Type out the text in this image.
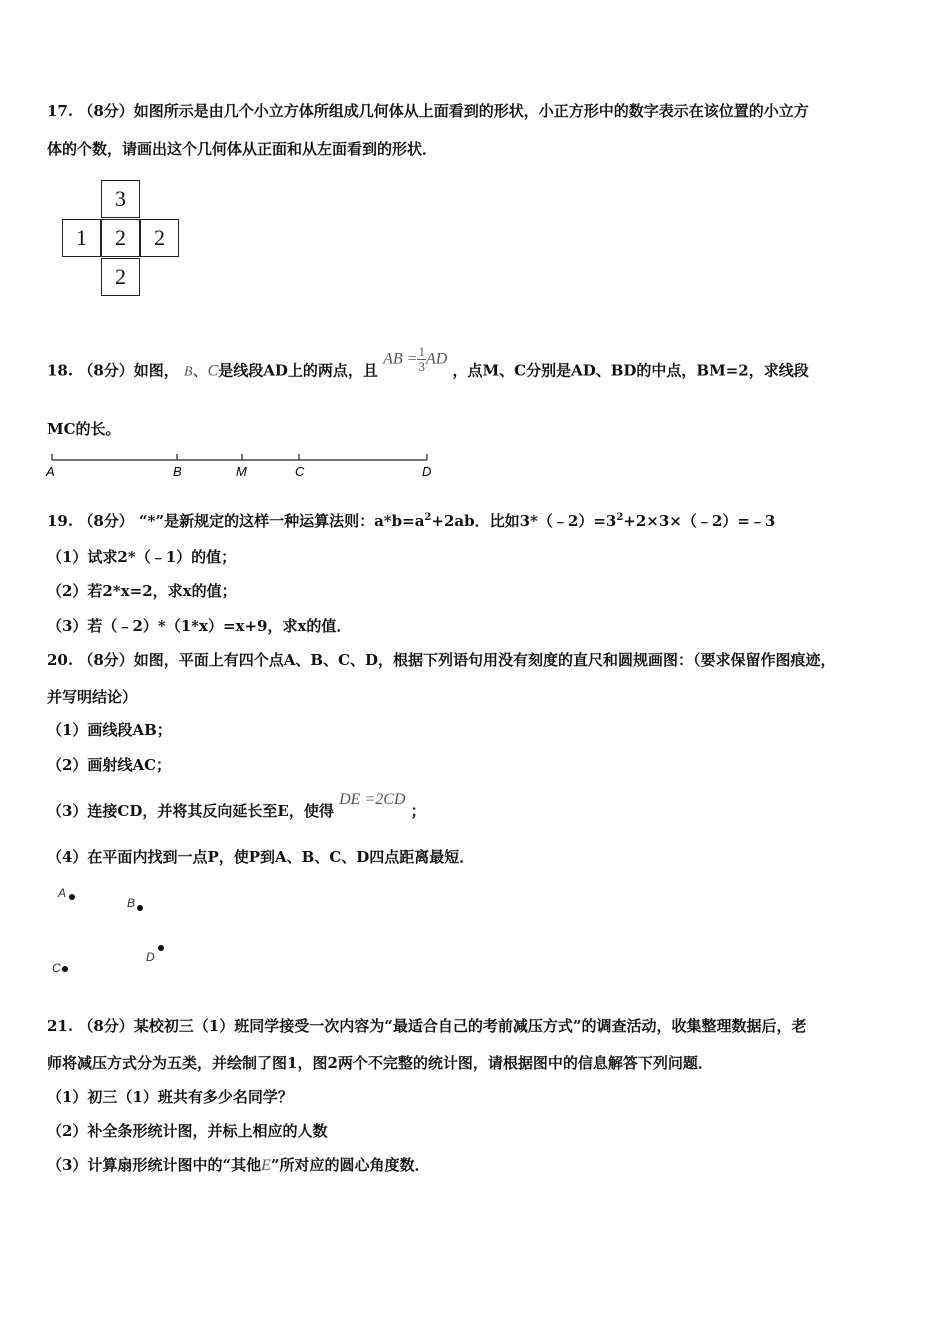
17. （8分）如图所示是由几个小立方体所组成几何体从上面看到的形状，小正方形中的数字表示在该位置的小立方
体的个数，请画出这个几何体从正面和从左面看到的形状．
3
1	2	2
2
18. （8分）如图， B、C是线段AD上的两点，且 AB = $\frac{1}{3}$ AD ，点M、C分别是AD、BD的中点，BM=2，求线段
MC的长。
A	B	M	C	D
19. （8分） “*”是新规定的这样一种运算法则：$a*b=a^2+2ab$．比如$3*(﹣2)=3^2+2\times 3\times(﹣2)=﹣3$
（1）试求2*（﹣1）的值；
（2）若2*x=2，求x的值；
（3）若（﹣2）*（1*x）=x+9，求x的值．
20. （8分）如图，平面上有四个点A、B、C、D，根据下列语句用没有刻度的直尺和圆规画图：（要求保留作图痕迹，
并写明结论）
（1）画线段AB；
（2）画射线AC；
（3）连接CD，并将其反向延长至E，使得 DE =2CD ；
（4）在平面内找到一点P，使P到A、B、C、D四点距离最短．
A
B
C
D
21. （8分）某校初三（1）班同学接受一次内容为“最适合自己的考前减压方式”的调查活动，收集整理数据后，老
师将减压方式分为五类，并绘制了图1，图2两个不完整的统计图，请根据图中的信息解答下列问题．
（1）初三（1）班共有多少名同学？
（2）补全条形统计图，并标上相应的人数
（3）计算扇形统计图中的“其他E”所对应的圆心角度数．
